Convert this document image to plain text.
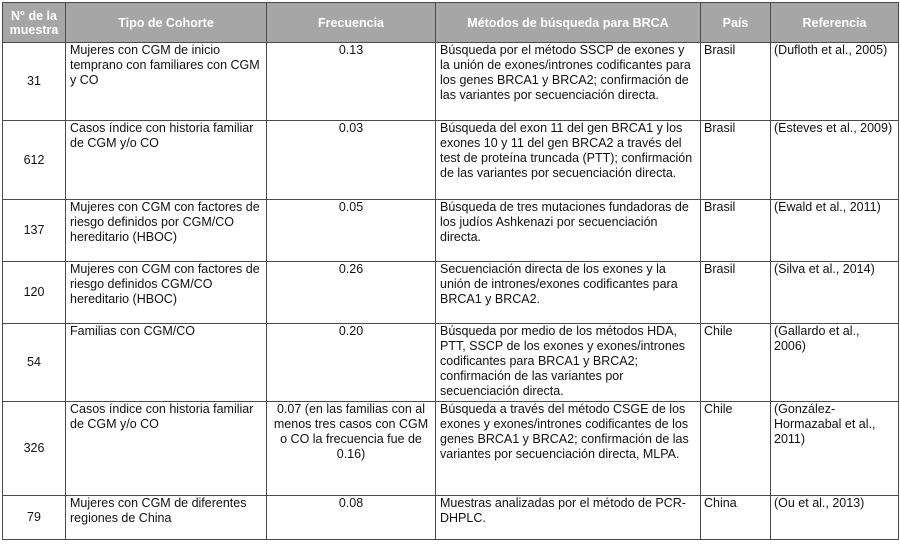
N° de la muestra	Tipo de Cohorte	Frecuencia	Métodos de búsqueda para BRCA	País	Referencia
31	Mujeres con CGM de inicio temprano con familiares con CGM y CO	0.13	Búsqueda por el método SSCP de exones y la unión de exones/intrones codificantes para los genes BRCA1 y BRCA2; confirmación de las variantes por secuenciación directa.	Brasil	(Dufloth et al., 2005)
612	Casos índice con historia familiar de CGM y/o CO	0.03	Búsqueda del exon 11 del gen BRCA1 y los exones 10 y 11 del gen BRCA2 a través del test de proteína truncada (PTT); confirmación de las variantes por secuenciación directa.	Brasil	(Esteves et al., 2009)
137	Mujeres con CGM con factores de riesgo definidos por CGM/CO hereditario (HBOC)	0.05	Búsqueda de tres mutaciones fundadoras de los judíos Ashkenazi por secuenciación directa.	Brasil	(Ewald et al., 2011)
120	Mujeres con CGM con factores de riesgo definidos CGM/CO hereditario (HBOC)	0.26	Secuenciación directa de los exones y la unión de intrones/exones codificantes para BRCA1 y BRCA2.	Brasil	(Silva et al., 2014)
54	Familias con CGM/CO	0.20	Búsqueda por medio de los métodos HDA, PTT, SSCP de los exones y exones/intrones codificantes para BRCA1 y BRCA2; confirmación de las variantes por secuenciación directa.	Chile	(Gallardo et al., 2006)
326	Casos índice con historia familiar de CGM y/o CO	0.07 (en las familias con al menos tres casos con CGM o CO la frecuencia fue de 0.16)	Búsqueda a través del método CSGE de los exones y exones/intrones codificantes de los genes BRCA1 y BRCA2; confirmación de las variantes por secuenciación directa, MLPA.	Chile	(González-Hormazabal et al., 2011)
79	Mujeres con CGM de diferentes regiones de China	0.08	Muestras analizadas por el método de PCR-DHPLC.	China	(Ou et al., 2013)
